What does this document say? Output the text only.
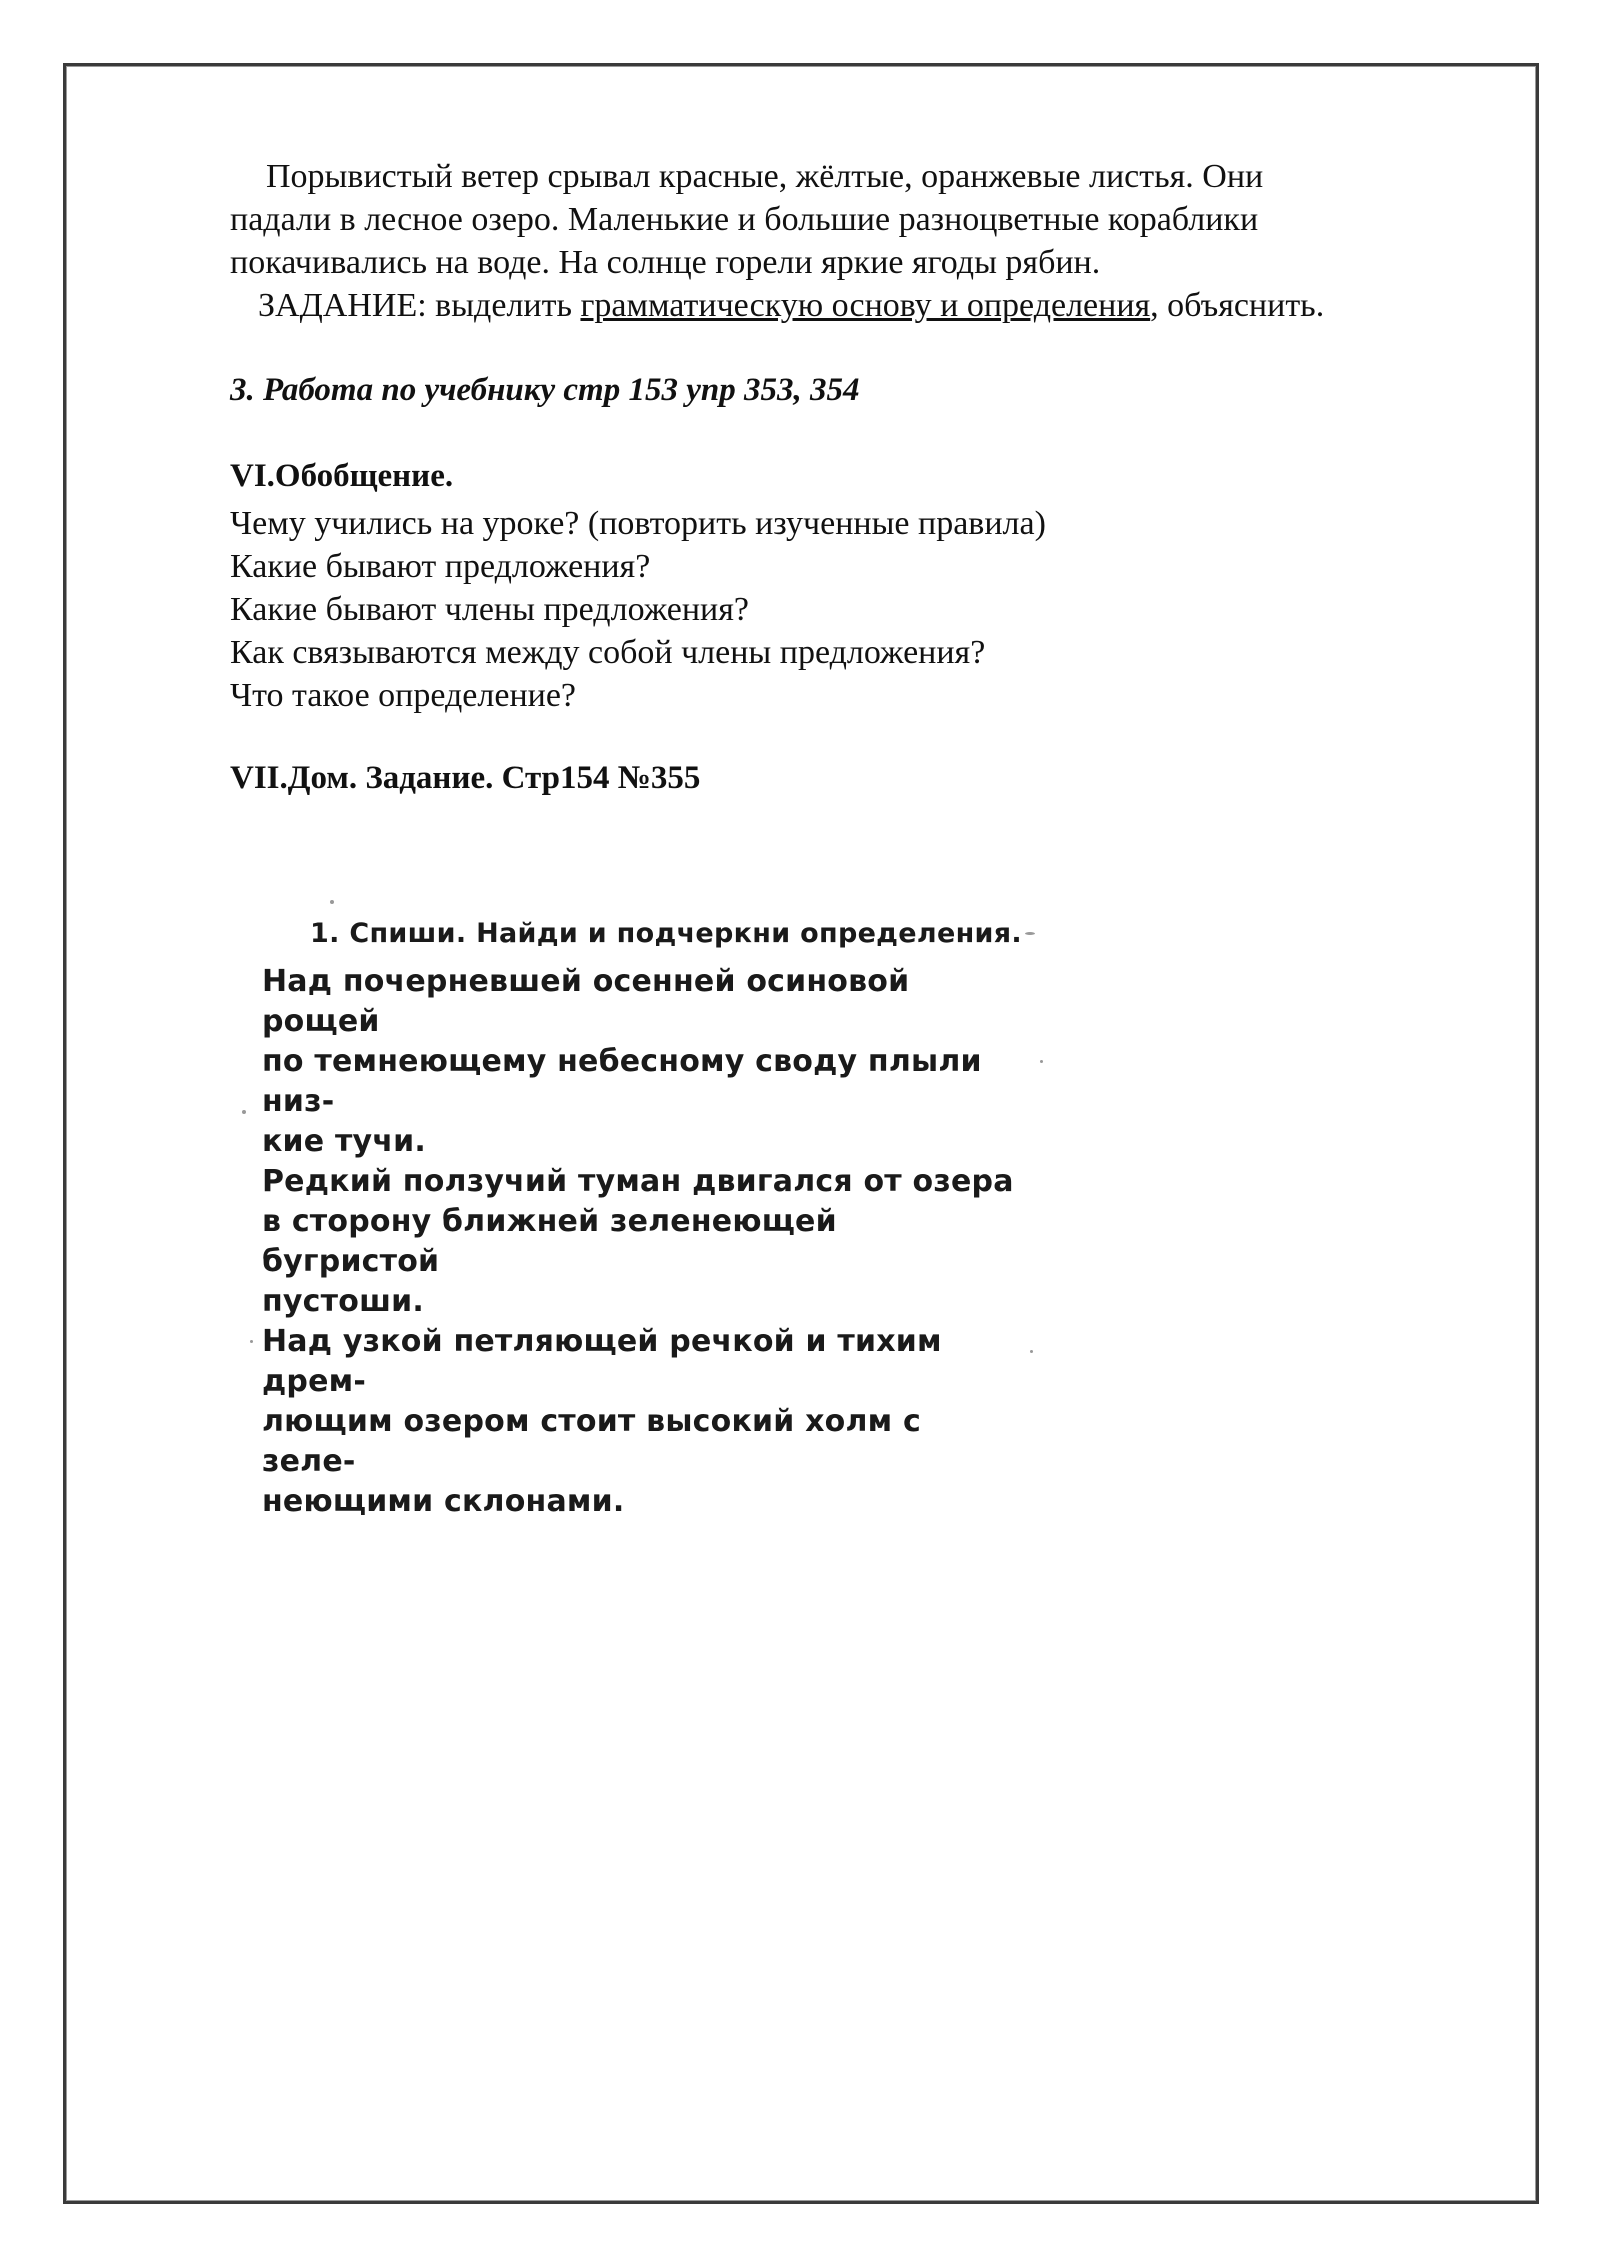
Порывистый ветер срывал красные, жёлтые, оранжевые листья. Они
падали в лесное озеро. Маленькие и большие разноцветные кораблики
покачивались на воде. На солнце горели яркие ягоды рябин.
ЗАДАНИЕ: выделить грамматическую основу и определения, объяснить.
3. Работа по учебнику стр 153 упр 353, 354
VI.Обобщение.
Чему учились на уроке? (повторить изученные правила)
Какие бывают предложения?
Какие бывают члены предложения?
Как связываются между собой члены предложения?
Что такое определение?
VII.Дом. Задание. Стр154 №355
1. Спиши. Найди и подчеркни определения.
Над почерневшей осенней осиновой рощей
по темнеющему небесному своду плыли низ-
кие тучи.
Редкий ползучий туман двигался от озера
в сторону ближней зеленеющей бугристой
пустоши.
Над узкой петляющей речкой и тихим дрем-
лющим озером стоит высокий холм с зеле-
неющими склонами.
